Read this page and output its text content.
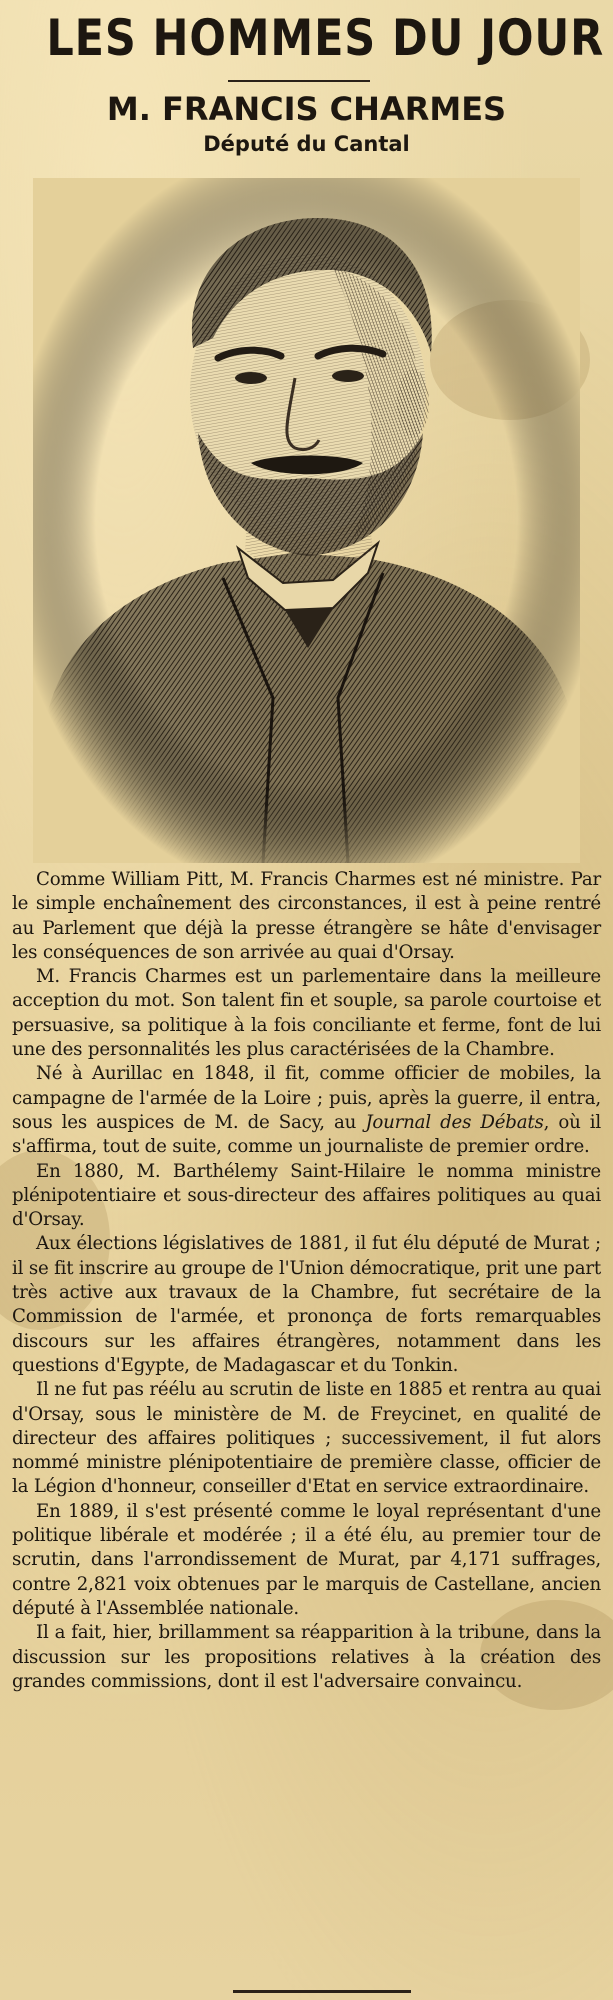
LES HOMMES DU JOUR
M. FRANCIS CHARMES
Député du Cantal

Comme William Pitt, M. Francis Charmes est né ministre. Par le simple enchaînement des circonstances, il est à peine rentré au Parlement que déjà la presse étrangère se hâte d'envisager les conséquences de son arrivée au quai d'Orsay.

M. Francis Charmes est un parlementaire dans la meilleure acception du mot. Son talent fin et souple, sa parole courtoise et persuasive, sa politique à la fois conciliante et ferme, font de lui une des personnalités les plus caractérisées de la Chambre.

Né à Aurillac en 1848, il fit, comme officier de mobiles, la campagne de l'armée de la Loire ; puis, après la guerre, il entra, sous les auspices de M. de Sacy, au Journal des Débats, où il s'affirma, tout de suite, comme un journaliste de premier ordre.

En 1880, M. Barthélemy Saint-Hilaire le nomma ministre plénipotentiaire et sous-directeur des affaires politiques au quai d'Orsay.

Aux élections législatives de 1881, il fut élu député de Murat ; il se fit inscrire au groupe de l'Union démocratique, prit une part très active aux travaux de la Chambre, fut secrétaire de la Commission de l'armée, et prononça de forts remarquables discours sur les affaires étrangères, notamment dans les questions d'Egypte, de Madagascar et du Tonkin.

Il ne fut pas réélu au scrutin de liste en 1885 et rentra au quai d'Orsay, sous le ministère de M. de Freycinet, en qualité de directeur des affaires politiques ; successivement, il fut alors nommé ministre plénipotentiaire de première classe, officier de la Légion d'honneur, conseiller d'Etat en service extraordinaire.

En 1889, il s'est présenté comme le loyal représentant d'une politique libérale et modérée ; il a été élu, au premier tour de scrutin, dans l'arrondissement de Murat, par 4,171 suffrages, contre 2,821 voix obtenues par le marquis de Castellane, ancien député à l'Assemblée nationale.

Il a fait, hier, brillamment sa réapparition à la tribune, dans la discussion sur les propositions relatives à la création des grandes commissions, dont il est l'adversaire convaincu.
